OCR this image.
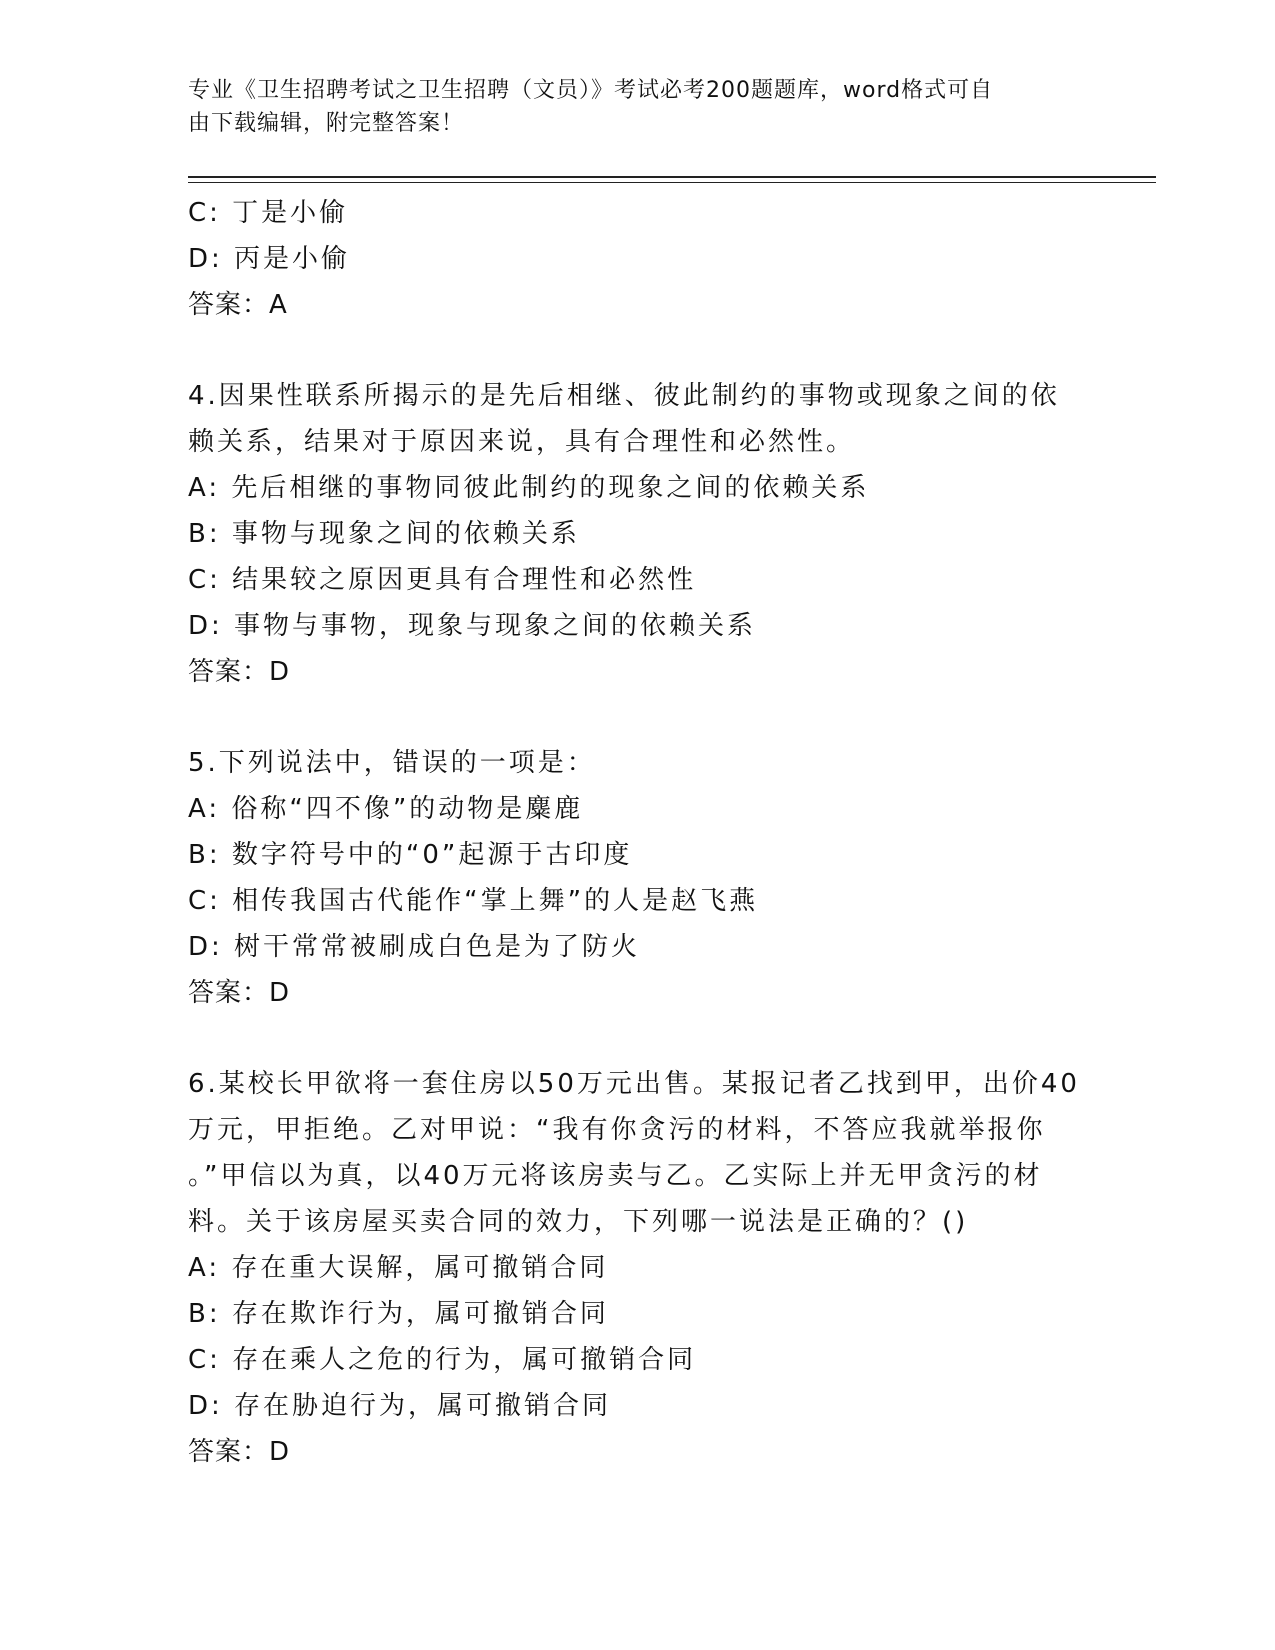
专业《卫生招聘考试之卫生招聘（文员）》考试必考200题题库，word格式可自
由下载编辑，附完整答案！
C: 丁是小偷
D: 丙是小偷
答案：A
4.因果性联系所揭示的是先后相继、彼此制约的事物或现象之间的依
赖关系，结果对于原因来说，具有合理性和必然性。
A: 先后相继的事物同彼此制约的现象之间的依赖关系
B: 事物与现象之间的依赖关系
C: 结果较之原因更具有合理性和必然性
D: 事物与事物，现象与现象之间的依赖关系
答案：D
5.下列说法中，错误的一项是：
A: 俗称“四不像”的动物是麋鹿
B: 数字符号中的“0”起源于古印度
C: 相传我国古代能作“掌上舞”的人是赵飞燕
D: 树干常常被刷成白色是为了防火
答案：D
6.某校长甲欲将一套住房以50万元出售。某报记者乙找到甲，出价40
万元，甲拒绝。乙对甲说：“我有你贪污的材料，不答应我就举报你
。”甲信以为真，以40万元将该房卖与乙。乙实际上并无甲贪污的材
料。关于该房屋买卖合同的效力，下列哪一说法是正确的？()
A: 存在重大误解，属可撤销合同
B: 存在欺诈行为，属可撤销合同
C: 存在乘人之危的行为，属可撤销合同
D: 存在胁迫行为，属可撤销合同
答案：D
